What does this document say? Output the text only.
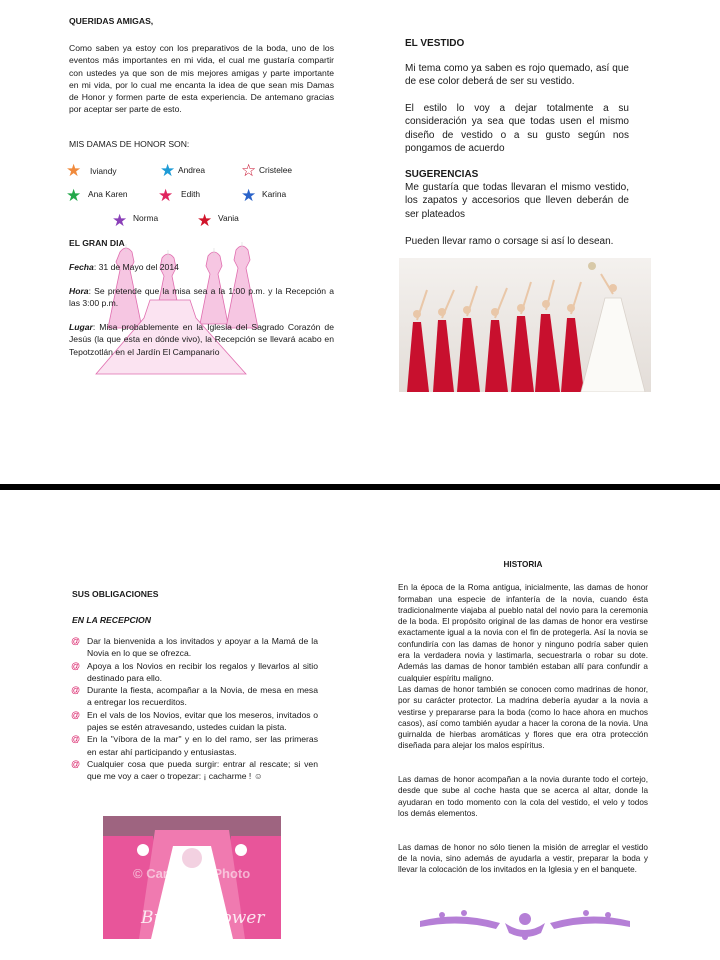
QUERIDAS AMIGAS,
Como saben ya estoy con los preparativos de la boda, uno de los eventos más importantes en mi vida, el cual me gustaría compartir con ustedes ya que son de mis mejores amigas y parte importante en mi vida, por lo cual me encanta la idea de que sean mis Damas de Honor y formen parte de esta experiencia. De antemano gracias por aceptar ser parte de esto.
MIS DAMAS DE HONOR SON:
★ Iviandy	★ Andrea ☆ Cristelee
★ Ana Karen ★ Edith ★ Karina
★ Norma ★ Vania
EL GRAN DIA
Fecha: 31 de Mayo del 2014
Hora: Se pretende que la misa sea a la 1:00 p.m. y la Recepción a las 3:00 p.m.
Lugar: Misa probablemente en la Iglesia del Sagrado Corazón de Jesús (la que esta en dónde vivo), la Recepción se llevará acabo en Tepotzotlán en el Jardín El Campanario
EL VESTIDO
Mi tema como ya saben es rojo quemado, así que de ese color deberá de ser su vestido.
El estilo lo voy a dejar totalmente a su consideración ya sea que todas usen el mismo diseño de vestido o a su gusto según nos pongamos de acuerdo
SUGERENCIAS
Me gustaría que todas llevaran el mismo vestido, los zapatos y accesorios que lleven deberán de ser plateados
Pueden llevar ramo o corsage si así lo desean.
SUS OBLIGACIONES
EN LA RECEPCION
@ Dar la bienvenida a los invitados y apoyar a la Mamá de la Novia en lo que se ofrezca.
@ Apoya a los Novios en recibir los regalos y llevarlos al sitio destinado para ello.
@ Durante la fiesta, acompañar a la Novia, de mesa en mesa a entregar los recuerditos.
@ En el vals de los Novios, evitar que los meseros, invitados o pajes se estén atravesando, ustedes cuidan la pista.
@ En la "víbora de la mar" y en lo del ramo, ser las primeras en estar ahí participando y entusiastas.
@ Cualquier cosa que pueda surgir: entrar al rescate; si ven que me voy a caer o tropezar: ¡ cacharme ! ☺
© Can Stock Photo
Bridal Shower
HISTORIA

En la época de la Roma antigua, inicialmente, las damas de honor formaban una especie de infantería de la novia, cuando ésta tradicionalmente viajaba al pueblo natal del novio para la ceremonia de la boda. El propósito original de las damas de honor era vestirse exactamente igual a la novia con el fin de protegerla. Así la novia se confundiría con las damas de honor y ninguno podría saber quien era la verdadera novia y lastimarla, secuestrarla o robar su dote. Además las damas de honor también estaban allí para confundir a cualquier espíritu maligno.
Las damas de honor también se conocen como madrinas de honor, por su carácter protector. La madrina debería ayudar a la novia a vestirse y prepararse para la boda (como lo hace ahora en muchos casos), así como también ayudar a hacer la corona de la novia. Una guirnalda de hierbas aromáticas y flores que era otra protección diseñada para alejar los malos espíritus.

Las damas de honor acompañan a la novia durante todo el cortejo, desde que sube al coche hasta que se acerca al altar, donde la ayudaran en todo momento con la cola del vestido, el velo y todos los demás elementos.

Las damas de honor no sólo tienen la misión de arreglar el vestido de la novia, sino además de ayudarla a vestir, preparar la boda y llevar la colocación de los invitados en la Iglesia y en el banquete.
